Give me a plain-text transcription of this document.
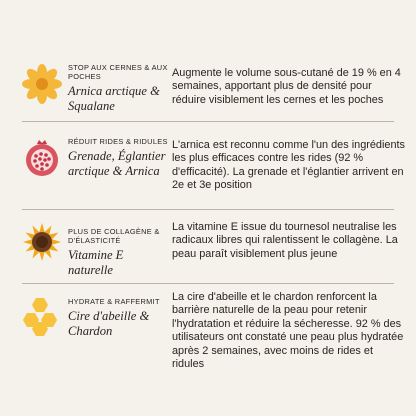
STOP AUX CERNES & AUX POCHES
Arnica arctique & Squalane
Augmente le volume sous-cutané de 19 % en 4 semaines, apportant plus de densité pour réduire visiblement les cernes et les poches
RÉDUIT RIDES & RIDULES
Grenade, Églantier arctique & Arnica
L'arnica est reconnu comme l'un des ingrédients les plus efficaces contre les rides (92 % d'efficacité). La grenade et l'églantier arrivent en 2e et 3e position
PLUS DE COLLAGÈNE & D'ÉLASTICITÉ
Vitamine E naturelle
La vitamine E issue du tournesol neutralise les radicaux libres qui ralentissent le collagène. La peau paraît visiblement plus jeune
HYDRATE & RAFFERMIT
Cire d'abeille & Chardon
La cire d'abeille et le chardon renforcent la barrière naturelle de la peau pour retenir l'hydratation et réduire la sécheresse. 92 % des utilisateurs ont constaté une peau plus hydratée après 2 semaines, avec moins de rides et ridules
